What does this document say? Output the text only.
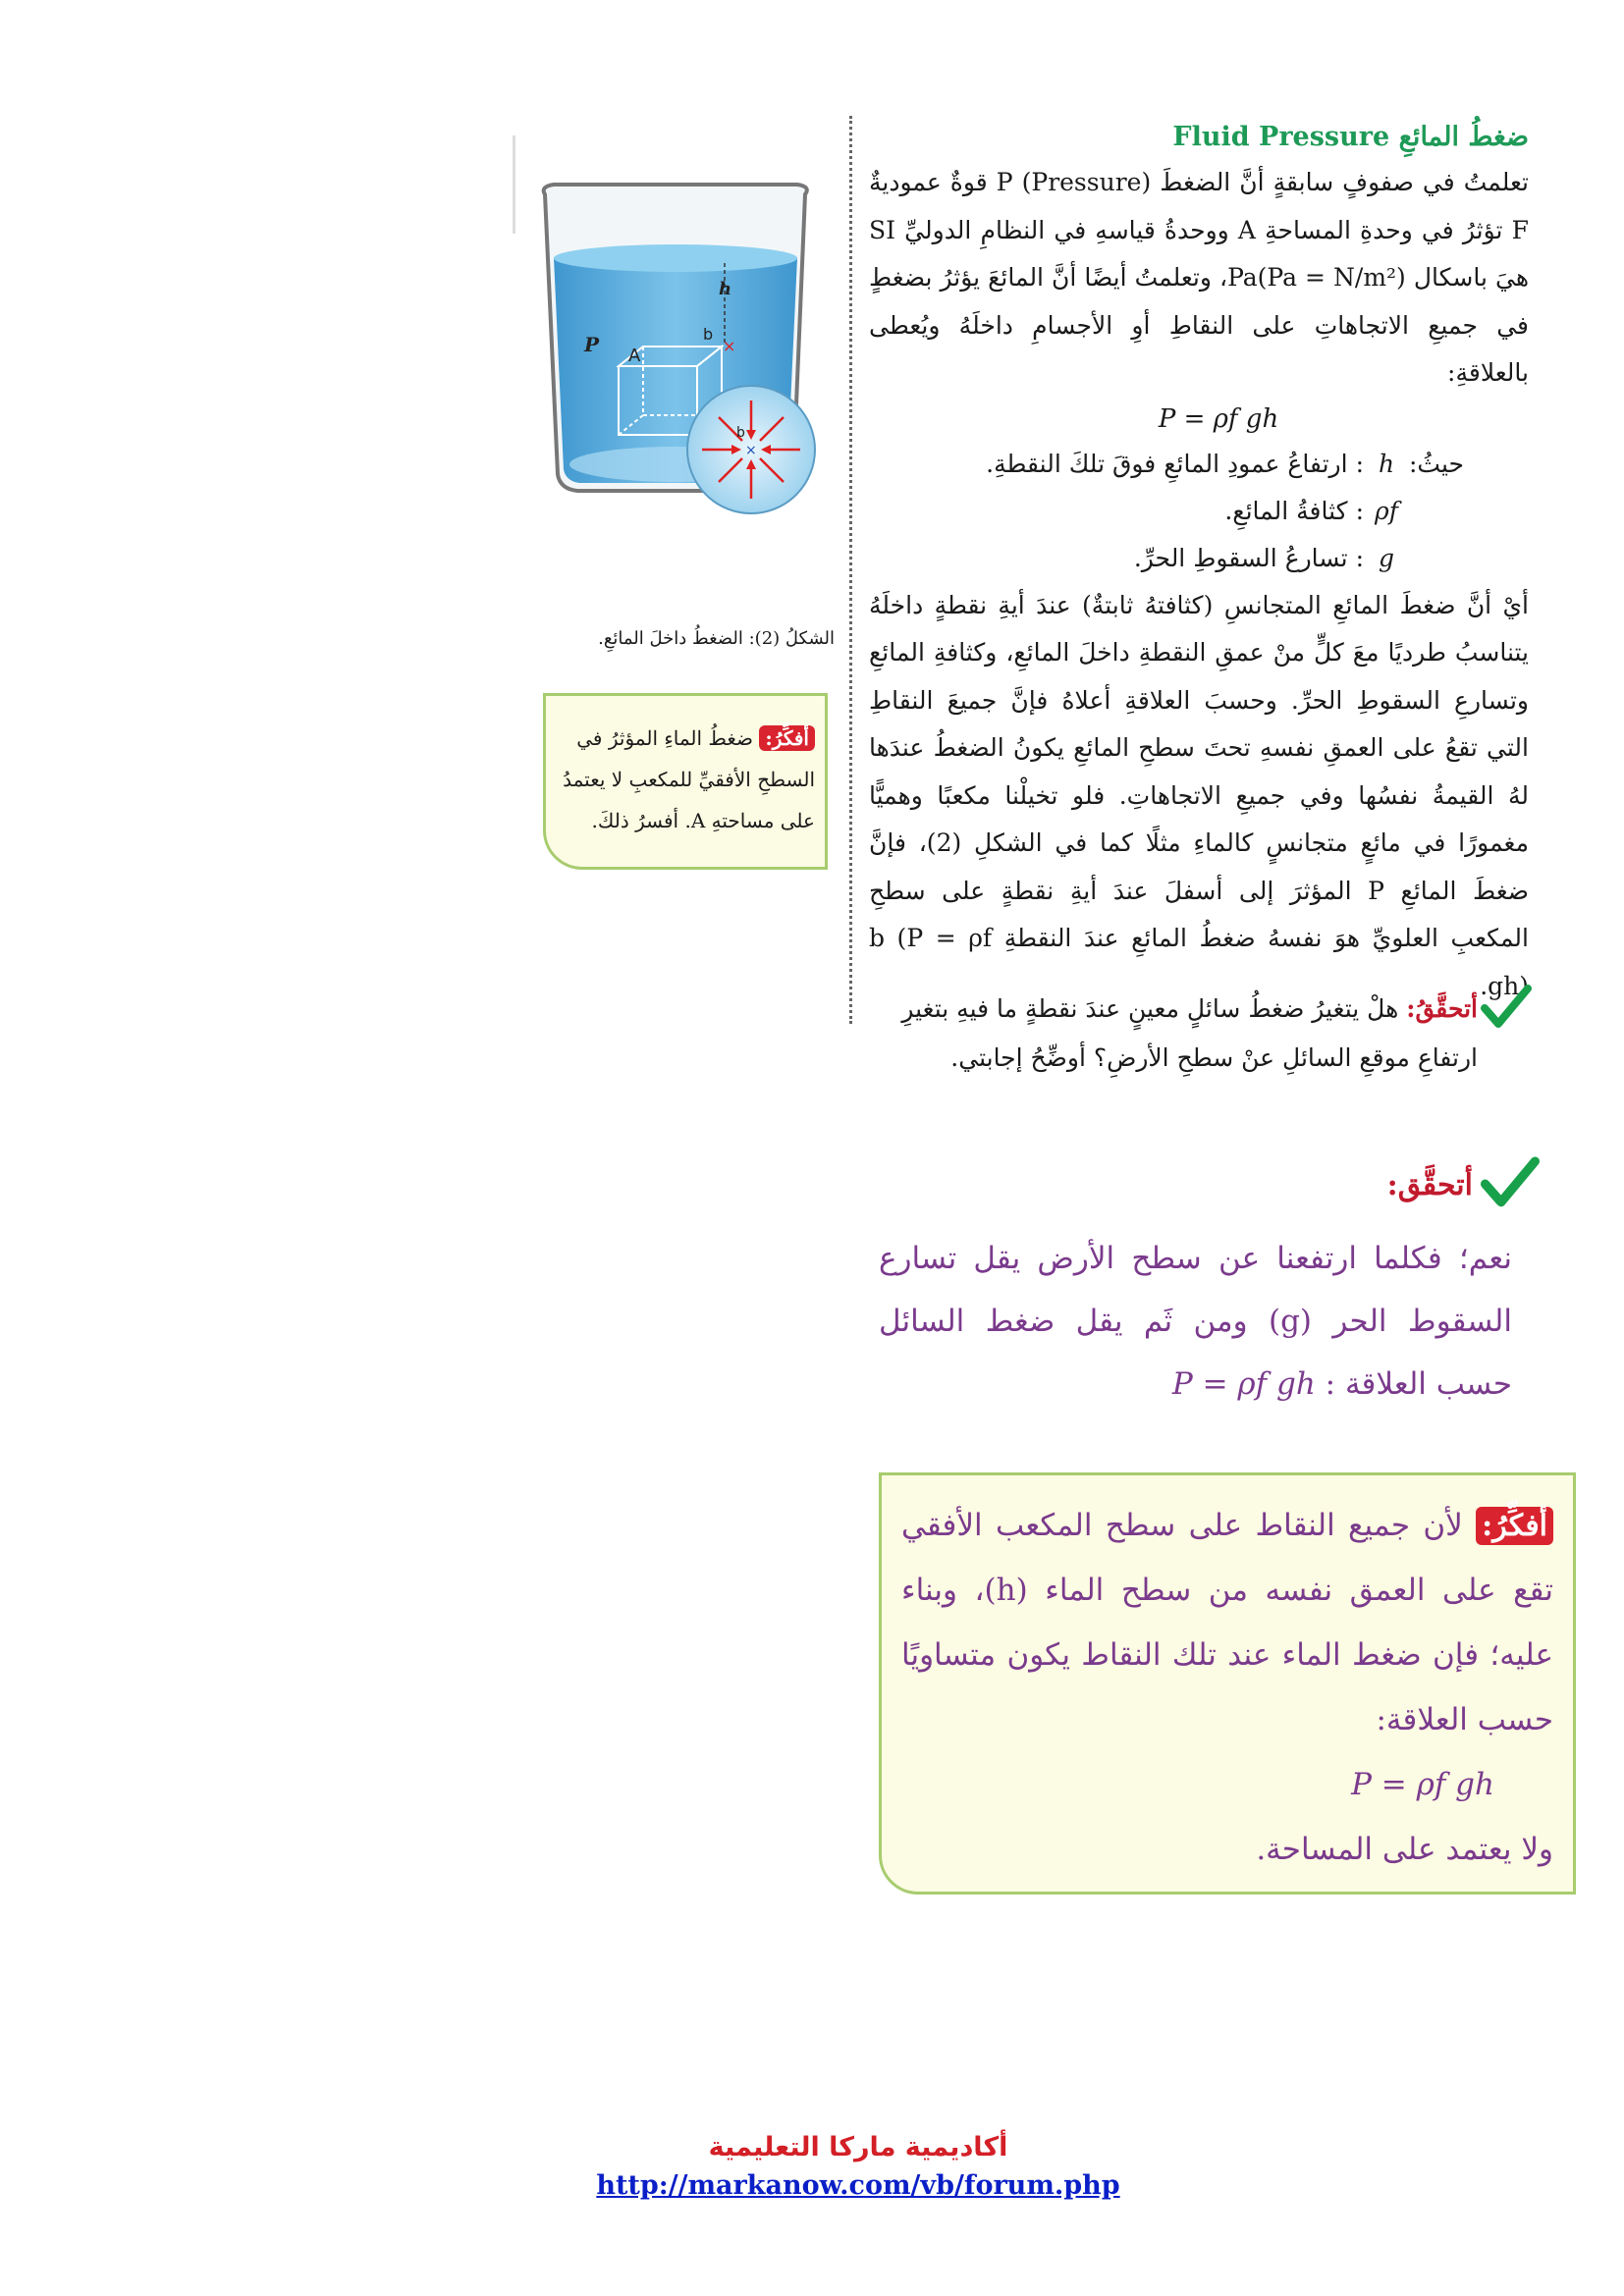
ضغطُ المائعِ Fluid Pressure

تعلمتُ في صفوفٍ سابقةٍ أنَّ الضغطَ P (Pressure) قوةٌ عموديةٌ F تؤثرُ في وحدةِ المساحةِ A ووحدةُ قياسهِ في النظامِ الدوليِّ SI هيَ باسكال Pa(Pa = N/m²)، وتعلمتُ أيضًا أنَّ المائعَ يؤثرُ بضغطٍ في جميعِ الاتجاهاتِ على النقاطِ أوِ الأجسامِ داخلَهُ ويُعطى بالعلاقةِ:

P = ρf gh
حيثُ:
h
:
ارتفاعُ عمودِ المائعِ فوقَ تلكَ النقطةِ.
ρf
:
كثافةُ المائعِ.
g
:
تسارعُ السقوطِ الحرِّ.

أيْ أنَّ ضغطَ المائعِ المتجانسِ (كثافتهُ ثابتةٌ) عندَ أيةِ نقطةٍ داخلَهُ يتناسبُ طرديًا معَ كلٍّ منْ عمقِ النقطةِ داخلَ المائعِ، وكثافةِ المائعِ وتسارعِ السقوطِ الحرِّ. وحسبَ العلاقةِ أعلاهُ فإنَّ جميعَ النقاطِ التي تقعُ على العمقِ نفسهِ تحتَ سطحِ المائعِ يكونُ الضغطُ عندَها لهُ القيمةُ نفسُها وفي جميعِ الاتجاهاتِ. فلو تخيلْنا مكعبًا وهميًّا مغمورًا في مائعٍ متجانسٍ كالماءِ مثلًا كما في الشكلِ (2)، فإنَّ ضغطَ المائعِ P المؤثرَ إلى أسفلَ عندَ أيةِ نقطةٍ على سطحِ المكعبِ العلويِّ هوَ نفسهُ ضغطُ المائعِ عندَ النقطةِ b (P = ρf gh).

أتحقَّقُ: هلْ يتغيرُ ضغطُ سائلٍ معينٍ عندَ نقطةٍ ما فيهِ بتغيرِ ارتفاعِ موقعِ السائلِ عنْ سطحِ الأرضِ؟ أوضِّحُ إجابتي.
h
b
×
A
P
×
b
الشكلُ (2): الضغطُ داخلَ المائعِ.
أفكِّرُ: ضغطُ الماءِ المؤثرُ في السطحِ الأفقيِّ للمكعبِ لا يعتمدُ على مساحتهِ A. أفسرُ ذلكَ.
أتحقَّق:
نعم؛ فكلما ارتفعنا عن سطح الأرض يقل تسارع السقوط الحر (g) ومن ثَم يقل ضغط السائل حسب العلاقة : P = ρf gh
أفكِّرُ: لأن جميع النقاط على سطح المكعب الأفقي تقع على العمق نفسه من سطح الماء (h)، وبناء عليه؛ فإن ضغط الماء عند تلك النقاط يكون متساويًا حسب العلاقة:
P = ρf gh
ولا يعتمد على المساحة.
أكاديمية ماركا التعليمية
http://markanow.com/vb/forum.php
